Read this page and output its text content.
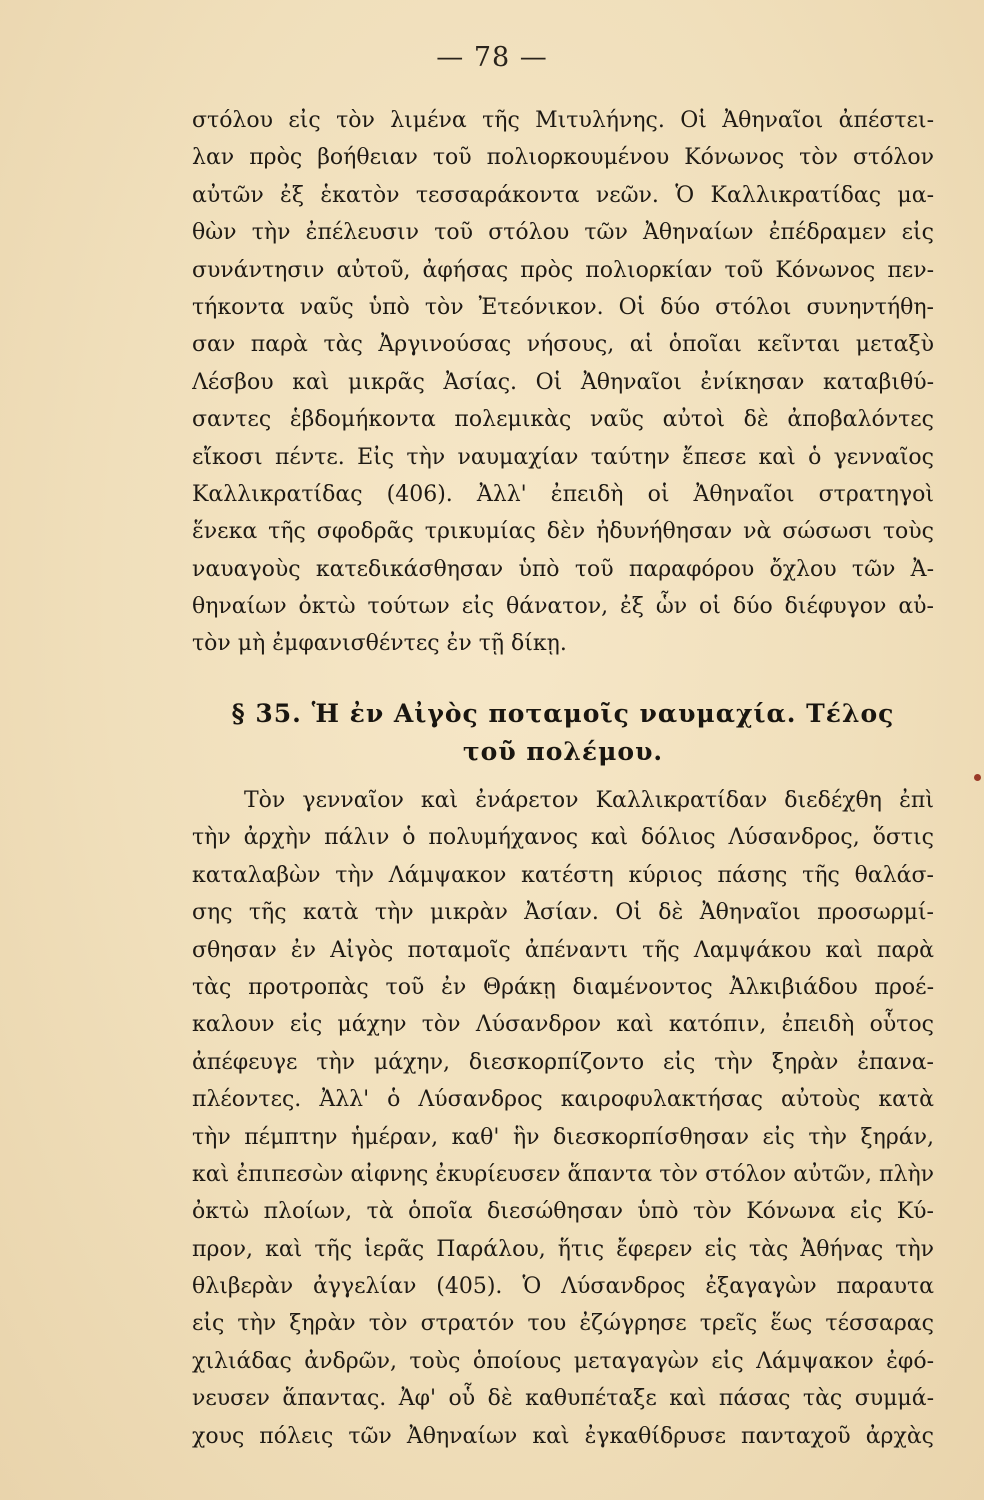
— 78 —
στόλου εἰς τὸν λιμένα τῆς Μιτυλήνης. Οἱ Ἀθηναῖοι ἀπέστει-
λαν πρὸς βοήθειαν τοῦ πολιορκουμένου Κόνωνος τὸν στόλον
αὐτῶν ἐξ ἑκατὸν τεσσαράκοντα νεῶν. Ὁ Καλλικρατίδας μα-
θὼν τὴν ἐπέλευσιν τοῦ στόλου τῶν Ἀθηναίων ἐπέδραμεν εἰς
συνάντησιν αὐτοῦ, ἀφήσας πρὸς πολιορκίαν τοῦ Κόνωνος πεν-
τήκοντα ναῦς ὑπὸ τὸν Ἐτεόνικον. Οἱ δύο στόλοι συνηντήθη-
σαν παρὰ τὰς Ἀργινούσας νήσους, αἱ ὁποῖαι κεῖνται μεταξὺ
Λέσβου καὶ μικρᾶς Ἀσίας. Οἱ Ἀθηναῖοι ἐνίκησαν καταβιθύ-
σαντες ἑβδομήκοντα πολεμικὰς ναῦς αὐτοὶ δὲ ἀποβαλόντες
εἴκοσι πέντε. Εἰς τὴν ναυμαχίαν ταύτην ἔπεσε καὶ ὁ γενναῖος
Καλλικρατίδας (406). Ἀλλ' ἐπειδὴ οἱ Ἀθηναῖοι στρατηγοὶ
ἕνεκα τῆς σφοδρᾶς τρικυμίας δὲν ἠδυνήθησαν νὰ σώσωσι τοὺς
ναυαγοὺς κατεδικάσθησαν ὑπὸ τοῦ παραφόρου ὄχλου τῶν Ἀ-
θηναίων ὀκτὼ τούτων εἰς θάνατον, ἐξ ὧν οἱ δύο διέφυγον αὐ-
τὸν μὴ ἐμφανισθέντες ἐν τῇ δίκῃ.
§ 35. Ἡ ἐν Αἰγὸς ποταμοῖς ναυμαχία. Τέλος
τοῦ πολέμου.
Τὸν γενναῖον καὶ ἐνάρετον Καλλικρατίδαν διεδέχθη ἐπὶ
τὴν ἀρχὴν πάλιν ὁ πολυμήχανος καὶ δόλιος Λύσανδρος, ὅστις
καταλαβὼν τὴν Λάμψακον κατέστη κύριος πάσης τῆς θαλάσ-
σης τῆς κατὰ τὴν μικρὰν Ἀσίαν. Οἱ δὲ Ἀθηναῖοι προσωρμί-
σθησαν ἐν Αἰγὸς ποταμοῖς ἀπέναντι τῆς Λαμψάκου καὶ παρὰ
τὰς προτροπὰς τοῦ ἐν Θράκῃ διαμένοντος Ἀλκιβιάδου προέ-
καλουν εἰς μάχην τὸν Λύσανδρον καὶ κατόπιν, ἐπειδὴ οὗτος
ἀπέφευγε τὴν μάχην, διεσκορπίζοντο εἰς τὴν ξηρὰν ἐπανα-
πλέοντες. Ἀλλ' ὁ Λύσανδρος καιροφυλακτήσας αὐτοὺς κατὰ
τὴν πέμπτην ἡμέραν, καθ' ἣν διεσκορπίσθησαν εἰς τὴν ξηράν,
καὶ ἐπιπεσὼν αἰφνης ἐκυρίευσεν ἅπαντα τὸν στόλον αὐτῶν, πλὴν
ὀκτὼ πλοίων, τὰ ὁποῖα διεσώθησαν ὑπὸ τὸν Κόνωνα εἰς Κύ-
προν, καὶ τῆς ἱερᾶς Παράλου, ἥτις ἔφερεν εἰς τὰς Ἀθήνας τὴν
θλιβερὰν ἀγγελίαν (405). Ὁ Λύσανδρος ἐξαγαγὼν παραυτα
εἰς τὴν ξηρὰν τὸν στρατόν του ἐζώγρησε τρεῖς ἕως τέσσαρας
χιλιάδας ἀνδρῶν, τοὺς ὁποίους μεταγαγὼν εἰς Λάμψακον ἐφό-
νευσεν ἅπαντας. Ἀφ' οὗ δὲ καθυπέταξε καὶ πάσας τὰς συμμά-
χους πόλεις τῶν Ἀθηναίων καὶ ἐγκαθίδρυσε πανταχοῦ ἀρχὰς
